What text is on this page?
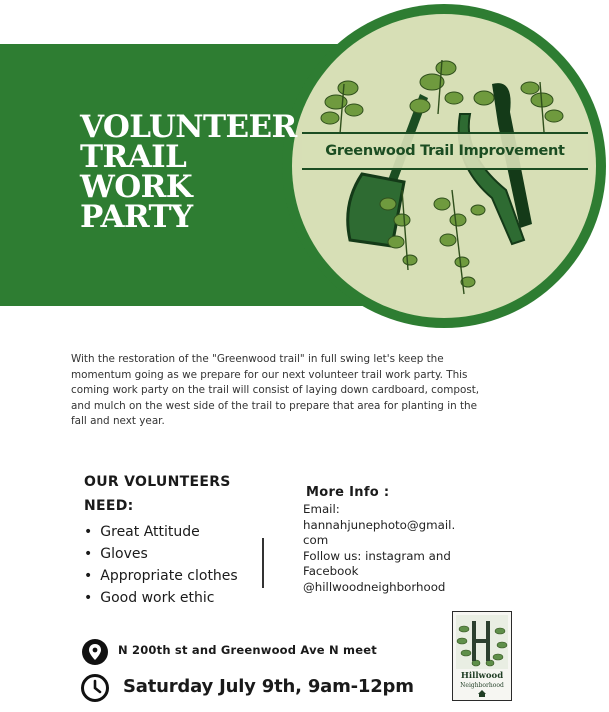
Greenwood Trail Improvement
VOLUNTEER
TRAIL
WORK
PARTY

With the restoration of the "Greenwood trail" in full swing let's keep the momentum going as we prepare for our next volunteer trail work party. This coming work party on the trail will consist of laying down cardboard, compost, and mulch on the west side of the trail to prepare that area for planting in the fall and next year.

OUR VOLUNTEERS NEED:
• Great Attitude
• Gloves
• Appropriate clothes
• Good work ethic
More Info :
Email:
hannahjunephoto@gmail.
com
Follow us: instagram and
Facebook
@hillwoodneighborhood
Hillwood
Neighborhood
N 200th st and Greenwood Ave N meet
Saturday July 9th, 9am-12pm
